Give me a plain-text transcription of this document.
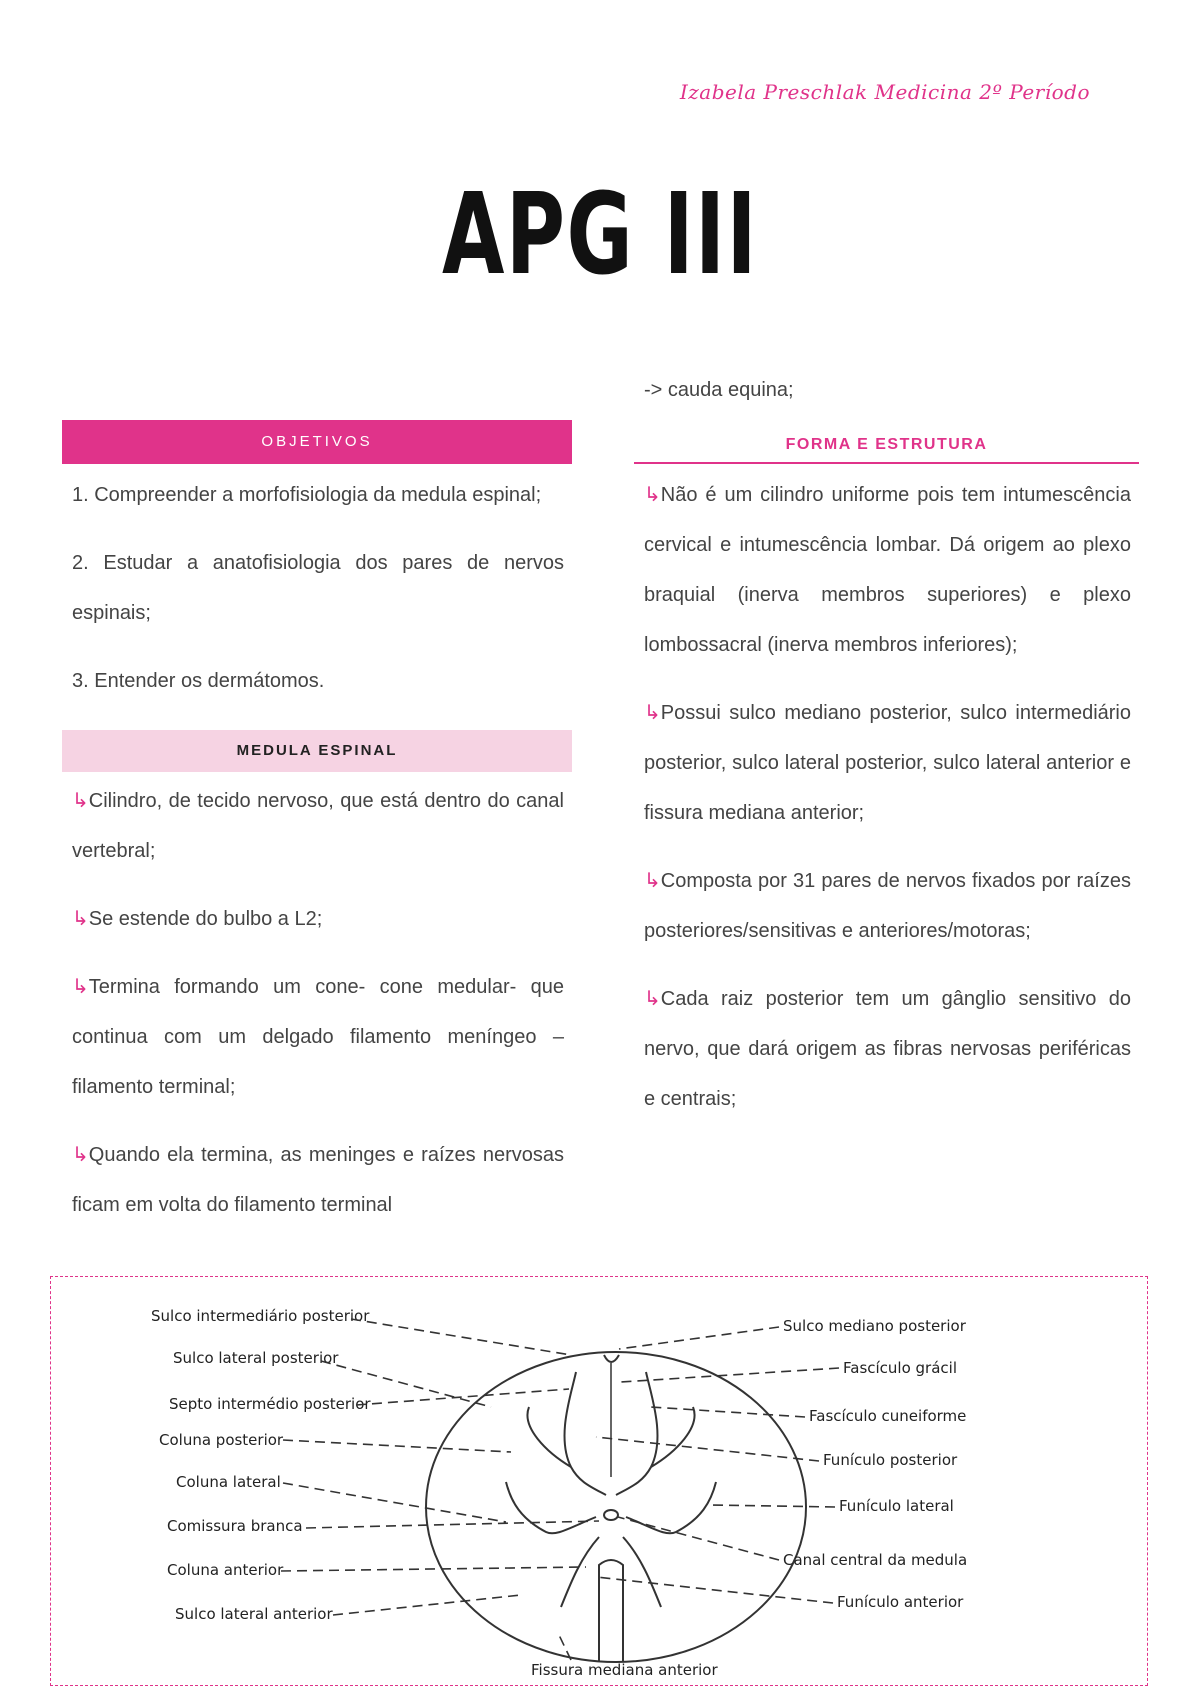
Izabela Preschlak Medicina 2º Período
APG III
OBJETIVOS

1. Compreender a morfofisiologia da medula espinal;

2. Estudar a anatofisiologia dos pares de nervos espinais;

3. Entender os dermátomos.

MEDULA ESPINAL

↳Cilindro, de tecido nervoso, que está dentro do canal vertebral;

↳Se estende do bulbo a L2;

↳Termina formando um cone- cone medular- que continua com um delgado filamento meníngeo – filamento terminal;

↳Quando ela termina, as meninges e raízes nervosas ficam em volta do filamento terminal

-> cauda equina;
FORMA E ESTRUTURA

↳Não é um cilindro uniforme pois tem intumescência cervical e intumescência lombar. Dá origem ao plexo braquial (inerva membros superiores) e plexo lombossacral (inerva membros inferiores);

↳Possui sulco mediano posterior, sulco intermediário posterior, sulco lateral posterior, sulco lateral anterior e fissura mediana anterior;

↳Composta por 31 pares de nervos fixados por raízes posteriores/sensitivas e anteriores/motoras;

↳Cada raiz posterior tem um gânglio sensitivo do nervo, que dará origem as fibras nervosas periféricas e centrais;

Sulco intermediário posterior
Sulco lateral posterior
Septo intermédio posterior
Coluna posterior
Coluna lateral
Comissura branca
Coluna anterior
Sulco lateral anterior
Sulco mediano posterior
Fascículo grácil
Fascículo cuneiforme
Funículo posterior
Funículo lateral
Canal central da medula
Funículo anterior
Fissura mediana anterior
